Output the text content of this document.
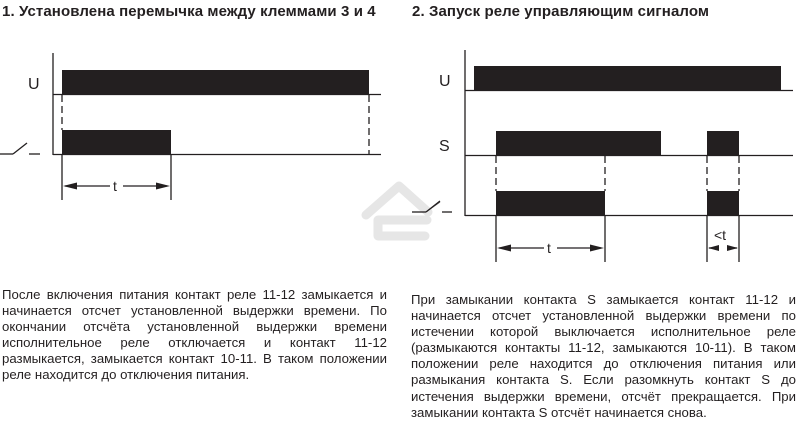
1. Установлена перемычка между клеммами 3 и 4 2. Запуск реле управляющим сигналом
U
t
U
S
t
<t
После включения питания контакт реле 11-12 замыкается и начинается отсчет установленной выдержки времени. По окончании отсчёта установленной выдержки времени исполнительное реле отключается и контакт 11-12 размыкается, замыкается контакт 10-11. В таком положении реле находится до отключения питания.
При замыкании контакта S замыкается контакт 11-12 и начинается отсчет установленной выдержки времени по истечении которой выключается исполнительное реле (размыкаются контакты 11-12, замыкаются 10-11). В таком положении реле находится до отключения питания или размыкания контакта S. Если разомкнуть контакт S до истечения выдержки времени, отсчёт прекращается. При замыкании контакта S отсчёт начинается снова.
